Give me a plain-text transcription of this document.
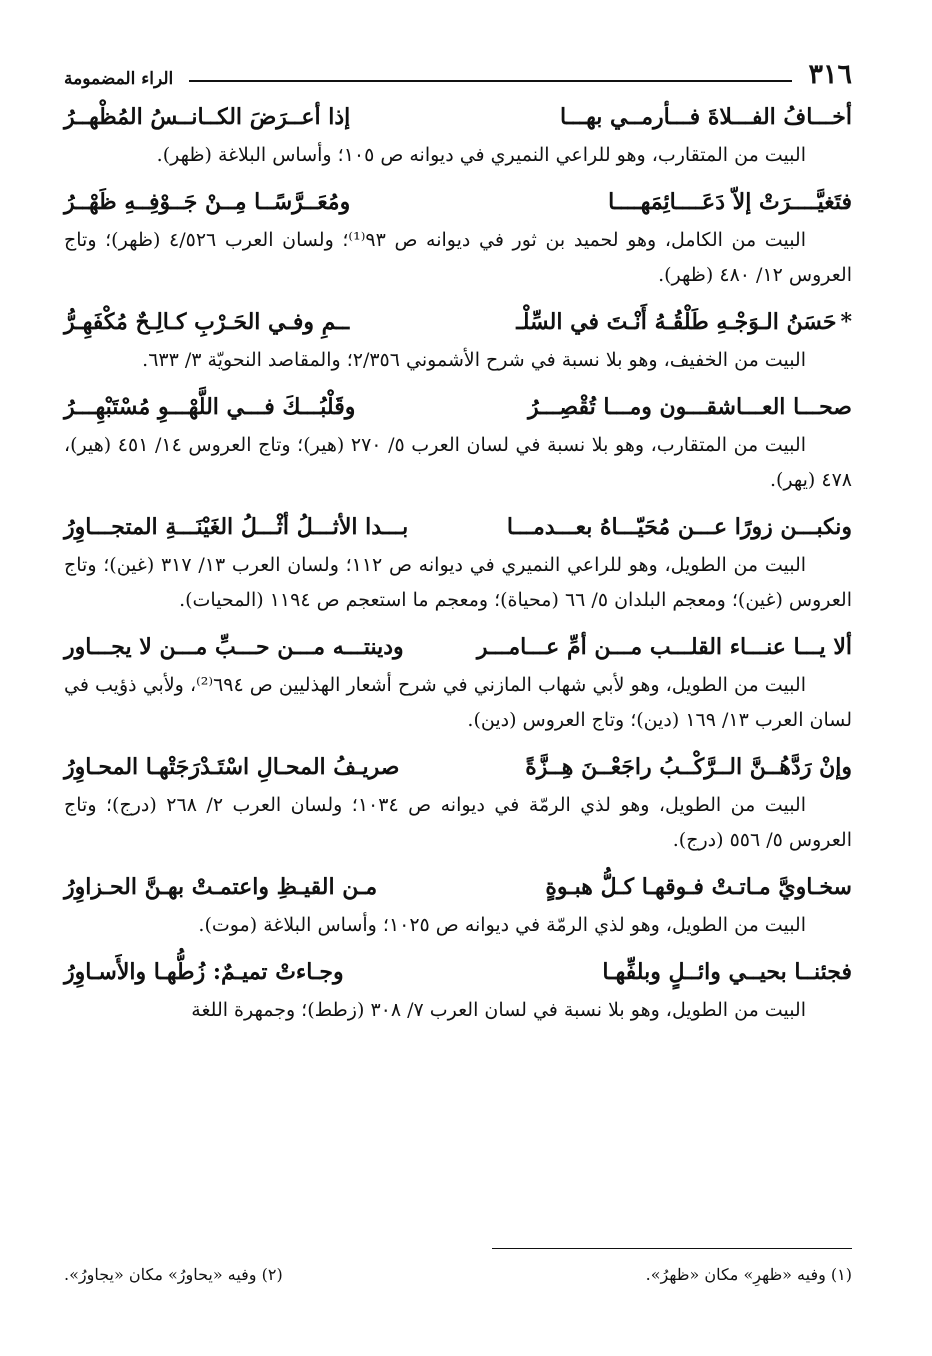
٣١٦
الراء المضمومة
أخـــافُ الفـــلاةَ فـــأرمــي بهـــا
إذا أعــرَضَ الكــانــسُ المُظْهــرُ

البيت من المتقارب، وهو للراعي النميري في ديوانه ص ١٠٥؛ وأساس البلاغة (ظهر).

فتَغيَّــــرَتْ إلاّ دَعَــــائِمَهــــا
ومُعَــرَّسًــا مِــنْ جَــوْفِــهِ ظَهْــرُ

البيت من الكامل، وهو لحميد بن ثور في ديوانه ص ٩٣⁽¹⁾؛ ولسان العرب ٤/٥٢٦ (ظهر)؛ وتاج العروس ١٢/ ٤٨٠ (ظهر).

*حَسَنُ الـوَجْـهِ طَلْقُـهُ أَنْـتَ في السِّلْـ
ــمِ وفـي الحَـرْبِ كـالِـحٌ مُكْفَهِـرُّ

البيت من الخفيف، وهو بلا نسبة في شرح الأشموني ٢/٣٥٦؛ والمقاصد النحويّة ٣/ ٦٣٣.

صحـــا العـــاشقـــون ومـــا تُقْصِـــرُ
وقَلْبُـــكَ فـــي اللَّهْـــوِ مُسْتَبْهِـــرُ

البيت من المتقارب، وهو بلا نسبة في لسان العرب ٥/ ٢٧٠ (هير)؛ وتاج العروس ١٤/ ٤٥١ (هير)، ٤٧٨ (يهر).

ونكبـــن زورًا عـــن مُحَيّـــاهُ بعـــدمـــا
بـــدا الأثـــلُ أثْـــلُ الغَيْنَـــةِ المتجـــاوِرُ

البيت من الطويل، وهو للراعي النميري في ديوانه ص ١١٢؛ ولسان العرب ١٣/ ٣١٧ (غين)؛ وتاج العروس (غين)؛ ومعجم البلدان ٥/ ٦٦ (محياة)؛ ومعجم ما استعجم ص ١١٩٤ (المحيات).

ألا يـــا عنـــاء القلـــب مـــن أمِّ عـــامـــر
ودينتـــه مـــن حـــبِّ مـــن لا يجـــاور

البيت من الطويل، وهو لأبي شهاب المازني في شرح أشعار الهذليين ص ٦٩٤⁽²⁾، ولأبي ذؤيب في لسان العرب ١٣/ ١٦٩ (دين)؛ وتاج العروس (دين).

وإنْ رَدَّهُــنَّ الــرَّكْــبُ راجَعْــنَ هِــزَّةً
صريـفُ المحـالِ اسْتَـدْرَجَتْهـا المحـاوِرُ

البيت من الطويل، وهو لذي الرمّة في ديوانه ص ١٠٣٤؛ ولسان العرب ٢/ ٢٦٨ (درج)؛ وتاج العروس ٥/ ٥٥٦ (درج).

سخـاويَّ مـاتـتْ فـوقهـا كـلُّ هبـوةٍ
مـن القيـظِ واعتمـتْ بهـنَّ الحـزاوِرُ

البيت من الطويل، وهو لذي الرمّة في ديوانه ص ١٠٢٥؛ وأساس البلاغة (موت).

فجئنــا بحيــي وائــلٍ وبلفِّهـا
وجـاءتْ تميـمٌ: زُطُّهـا والأَسـاوِرُ

البيت من الطويل، وهو بلا نسبة في لسان العرب ٧/ ٣٠٨ (زطط)؛ وجمهرة اللغة

(١) وفيه «ظهرِ» مكان «ظهرُ».
(٢) وفيه «يحاورُ» مكان «يجاورُ».
